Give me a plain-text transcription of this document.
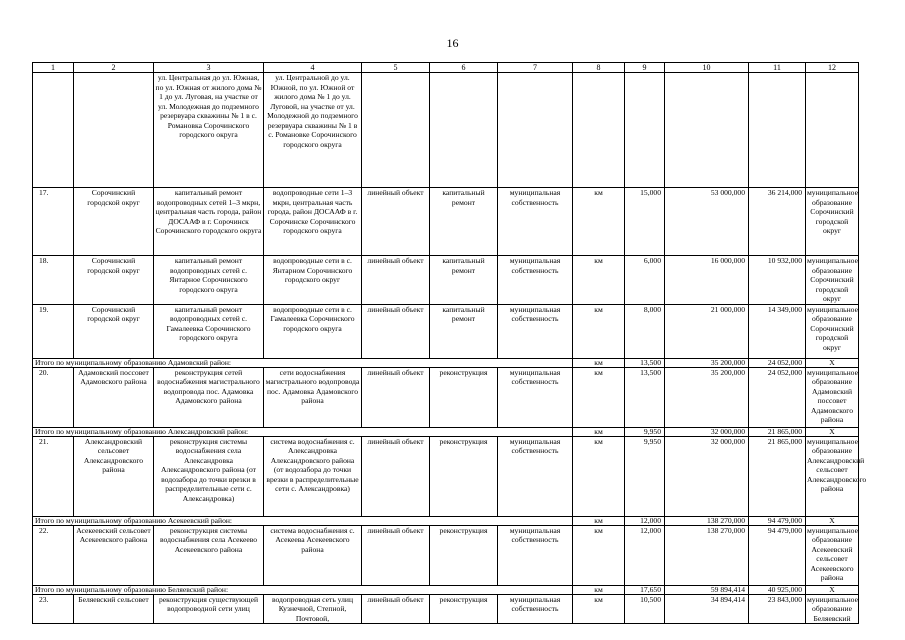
16
1	2	3	4	5	6	7	8	9	10	11	12
		ул. Центральная до ул. Южная, по ул. Южная от жилого дома № 1 до ул. Луговая, на участке от ул. Молодежная до подземного резервуара скважины № 1 в с. Романовка Сорочинского городского округа	ул. Центральной до ул. Южной, по ул. Южной от жилого дома № 1 до ул. Луговой, на участке от ул. Молодежной до подземного резервуара скважины № 1 в с. Романовке Сорочинского городского округа								
17.	Сорочинский городской округ	капитальный ремонт водопроводных сетей 1–3 мкрн, центральная часть города, район ДОСААФ в г. Сорочинск Сорочинского городского округа	водопроводные сети 1–3 мкрн, центральная часть города, район ДОСААФ в г. Сорочинске Сорочинского городского округа	линейный объект	капитальный ремонт	муниципальная собственность	км	15,000	53 000,000	36 214,000	муниципальное образование Сорочинский городской округ
18.	Сорочинский городской округ	капитальный ремонт водопроводных сетей с. Янтарное Сорочинского городского округа	водопроводные сети в с. Янтарном Сорочинского городского округ	линейный объект	капитальный ремонт	муниципальная собственность	км	6,000	16 000,000	10 932,000	муниципальное образование Сорочинский городской округ
19.	Сорочинский городской округ	капитальный ремонт водопроводных сетей с. Гамалеевка Сорочинского городского округа	водопроводные сети в с. Гамалеевка Сорочинского городского округа	линейный объект	капитальный ремонт	муниципальная собственность	км	8,000	21 000,000	14 349,000	муниципальное образование Сорочинский городской округ
Итого по муниципальному образованию Адамовский район:							км	13,500	35 200,000	24 052,000	X
20.	Адамовский поссовет Адамовского района	реконструкция сетей водоснабжения магистрального водопровода пос. Адамовка Адамовского района	сети водоснабжения магистрального водопровода пос. Адамовка Адамовского района	линейный объект	реконструкция	муниципальная собственность	км	13,500	35 200,000	24 052,000	муниципальное образование Адамовский поссовет Адамовского района
Итого по муниципальному образованию Александровский район:							км	9,950	32 000,000	21 865,000	X
21.	Александровский сельсовет Александровского района	реконструкция системы водоснабжения села Александровка Александровского района (от водозабора до точки врезки в распределительные сети с. Александровка)	система водоснабжения с. Александровка Александровского района (от водозабора до точки врезки в распределительные сети с. Александровка)	линейный объект	реконструкция	муниципальная собственность	км	9,950	32 000,000	21 865,000	муниципальное образование Александровский сельсовет Александровского района
Итого по муниципальному образованию Асекеевский район:							км	12,000	138 270,000	94 479,000	X
22.	Асекеевский сельсовет Асекеевского района	реконструкция системы водоснабжения села Асекеево Асекеевского района	система водоснабжения с. Асекеева Асекеевского района	линейный объект	реконструкция	муниципальная собственность	км	12,000	138 270,000	94 479,000	муниципальное образование Асекеевский сельсовет Асекеевского района
Итого по муниципальному образованию Беляевский район:							км	17,650	59 894,414	40 925,000	X
23.	Беляевский сельсовет	реконструкция существующей водопроводной сети улиц	водопроводная сеть улиц Кузнечной, Степной, Почтовой,	линейный объект	реконструкция	муниципальная собственность	км	10,500	34 894,414	23 843,000	муниципальное образование Беляевский
